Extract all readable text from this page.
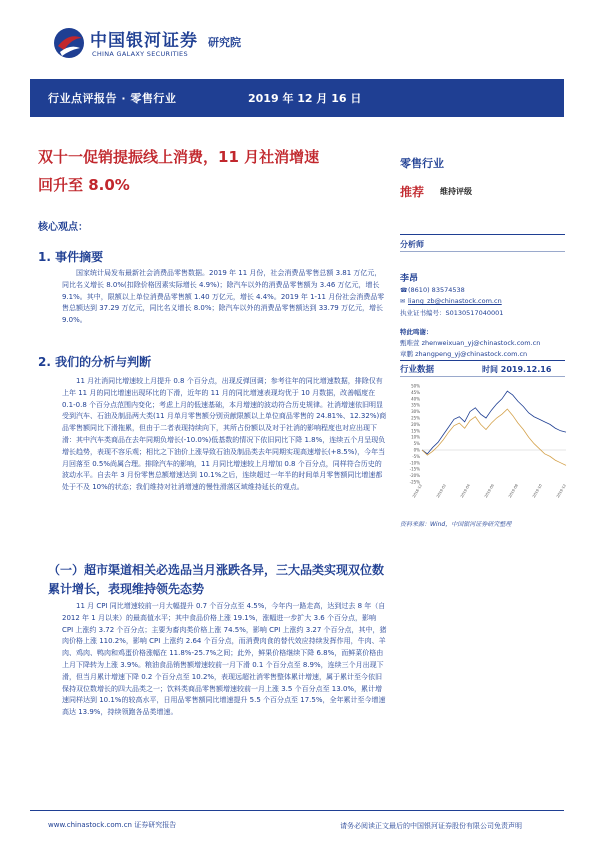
中国银河证券
CHINA GALAXY SECURITIES
研究院
行业点评报告 · 零售行业	2019 年 12 月 16 日
双十一促销提振线上消费，11 月社消增速
回升至 8.0%
核心观点：
1. 事件摘要
国家统计局发布最新社会消费品零售数据。2019 年 11 月份，社会消费品零售总额 3.81 万亿元，同比名义增长 8.0%(扣除价格因素实际增长 4.9%)；除汽车以外的消费品零售额为 3.46 万亿元，增长 9.1%。其中，限额以上单位消费品零售额 1.40 万亿元，增长 4.4%。2019 年 1-11 月份社会消费品零售总额达到 37.29 万亿元，同比名义增长 8.0%；除汽车以外的消费品零售额达到 33.79 万亿元，增长 9.0%。
2. 我们的分析与判断
11 月社消同比增速较上月提升 0.8 个百分点，出现反弹回调；参考往年的同比增速数据，排除仅有上年 11 月的同比增速出现环比的下滑，近年的 11 月的同比增速表现均优于 10 月数据，改善幅度在 0.1-0.8 个百分点范围内变化；考虑上月的低速基础，本月增速的波动符合历史规律。社消增速依旧明显受到汽车、石油及制品两大类(11 月单月零售额分别贡献限额以上单位商品零售的 24.81%、12.32%)商品零售额同比下滑拖累，但由于二者表现持续向下，其所占份额以及对于社消的影响程度也对应出现下滑：其中汽车类商品在去年同期负增长(-10.0%)低基数的情况下依旧同比下降 1.8%，连续五个月呈现负增长趋势，表现不容乐观；相比之下油价上涨导致石油及制品类去年同期实现高速增长(+8.5%)，今年当月回落至 0.5%尚属合理。排除汽车的影响，11 月同比增速较上月增加 0.8 个百分点，同样符合历史的波动水平。自去年 3 月份零售总额增速达到 10.1%之后，连续超过一年半的时间单月零售额同比增速都处于不及 10%的状态；我们维持对社消增速的慢性滑落区域维持延长的观点。
（一）超市渠道相关必选品当月涨跌各异，三大品类实现双位数累计增长，表现维持领先态势
11 月 CPI 同比增速较前一月大幅提升 0.7 个百分点至 4.5%，今年内一路走高，达到过去 8 年（自 2012 年 1 月以来）的最高值水平；其中食品价格上涨 19.1%，涨幅进一步扩大 3.6 个百分点，影响 CPI 上涨约 3.72 个百分点；主要为畜肉类价格上涨 74.5%，影响 CPI 上涨约 3.27 个百分点，其中，猪肉价格上涨 110.2%，影响 CPI 上涨约 2.64 个百分点，而消费肉食的替代效应持续发挥作用，牛肉、羊肉、鸡肉、鸭肉和鸡蛋价格涨幅在 11.8%-25.7%之间；此外，鲜果价格继续下降 6.8%，而鲜菜价格由上月下降转为上涨 3.9%。粮油食品销售额增速较前一月下滑 0.1 个百分点至 8.9%，连续三个月出现下滑，但当月累计增速下降 0.2 个百分点至 10.2%，表现远超社消零售整体累计增速，属于累计至今依旧保持双位数增长的四大品类之一；饮料类商品零售额增速较前一月上涨 3.5 个百分点至 13.0%，累计增速同样达到 10.1%的较高水平，日用品零售额同比增速提升 5.5 个百分点至 17.5%，全年累计至今增速高达 13.9%，持续领跑各品类增速。
零售行业
推荐 维持评级
分析师
李昂
☎(8610) 83574538
✉ liang_zb@chinastock.com.cn
执业证书编号：S0130517040001
特此鸣谢：
甄唯萱 zhenweixuan_yj@chinastock.com.cn
章鹏 zhangpeng_yj@chinastock.com.cn
行业数据	时间 2019.12.16
50%
45%
40%
35%
30%
25%
20%
15%
10%
5%
0%
-5%
-10%
-15%
-20%
-25%
2018-12	2019-02	2019-04	2019-06	2019-08	2019-10	2019-12
资料来源：Wind，中国银河证券研究整理
www.chinastock.com.cn 证券研究报告	请务必阅读正文最后的中国银河证券股份有限公司免责声明
